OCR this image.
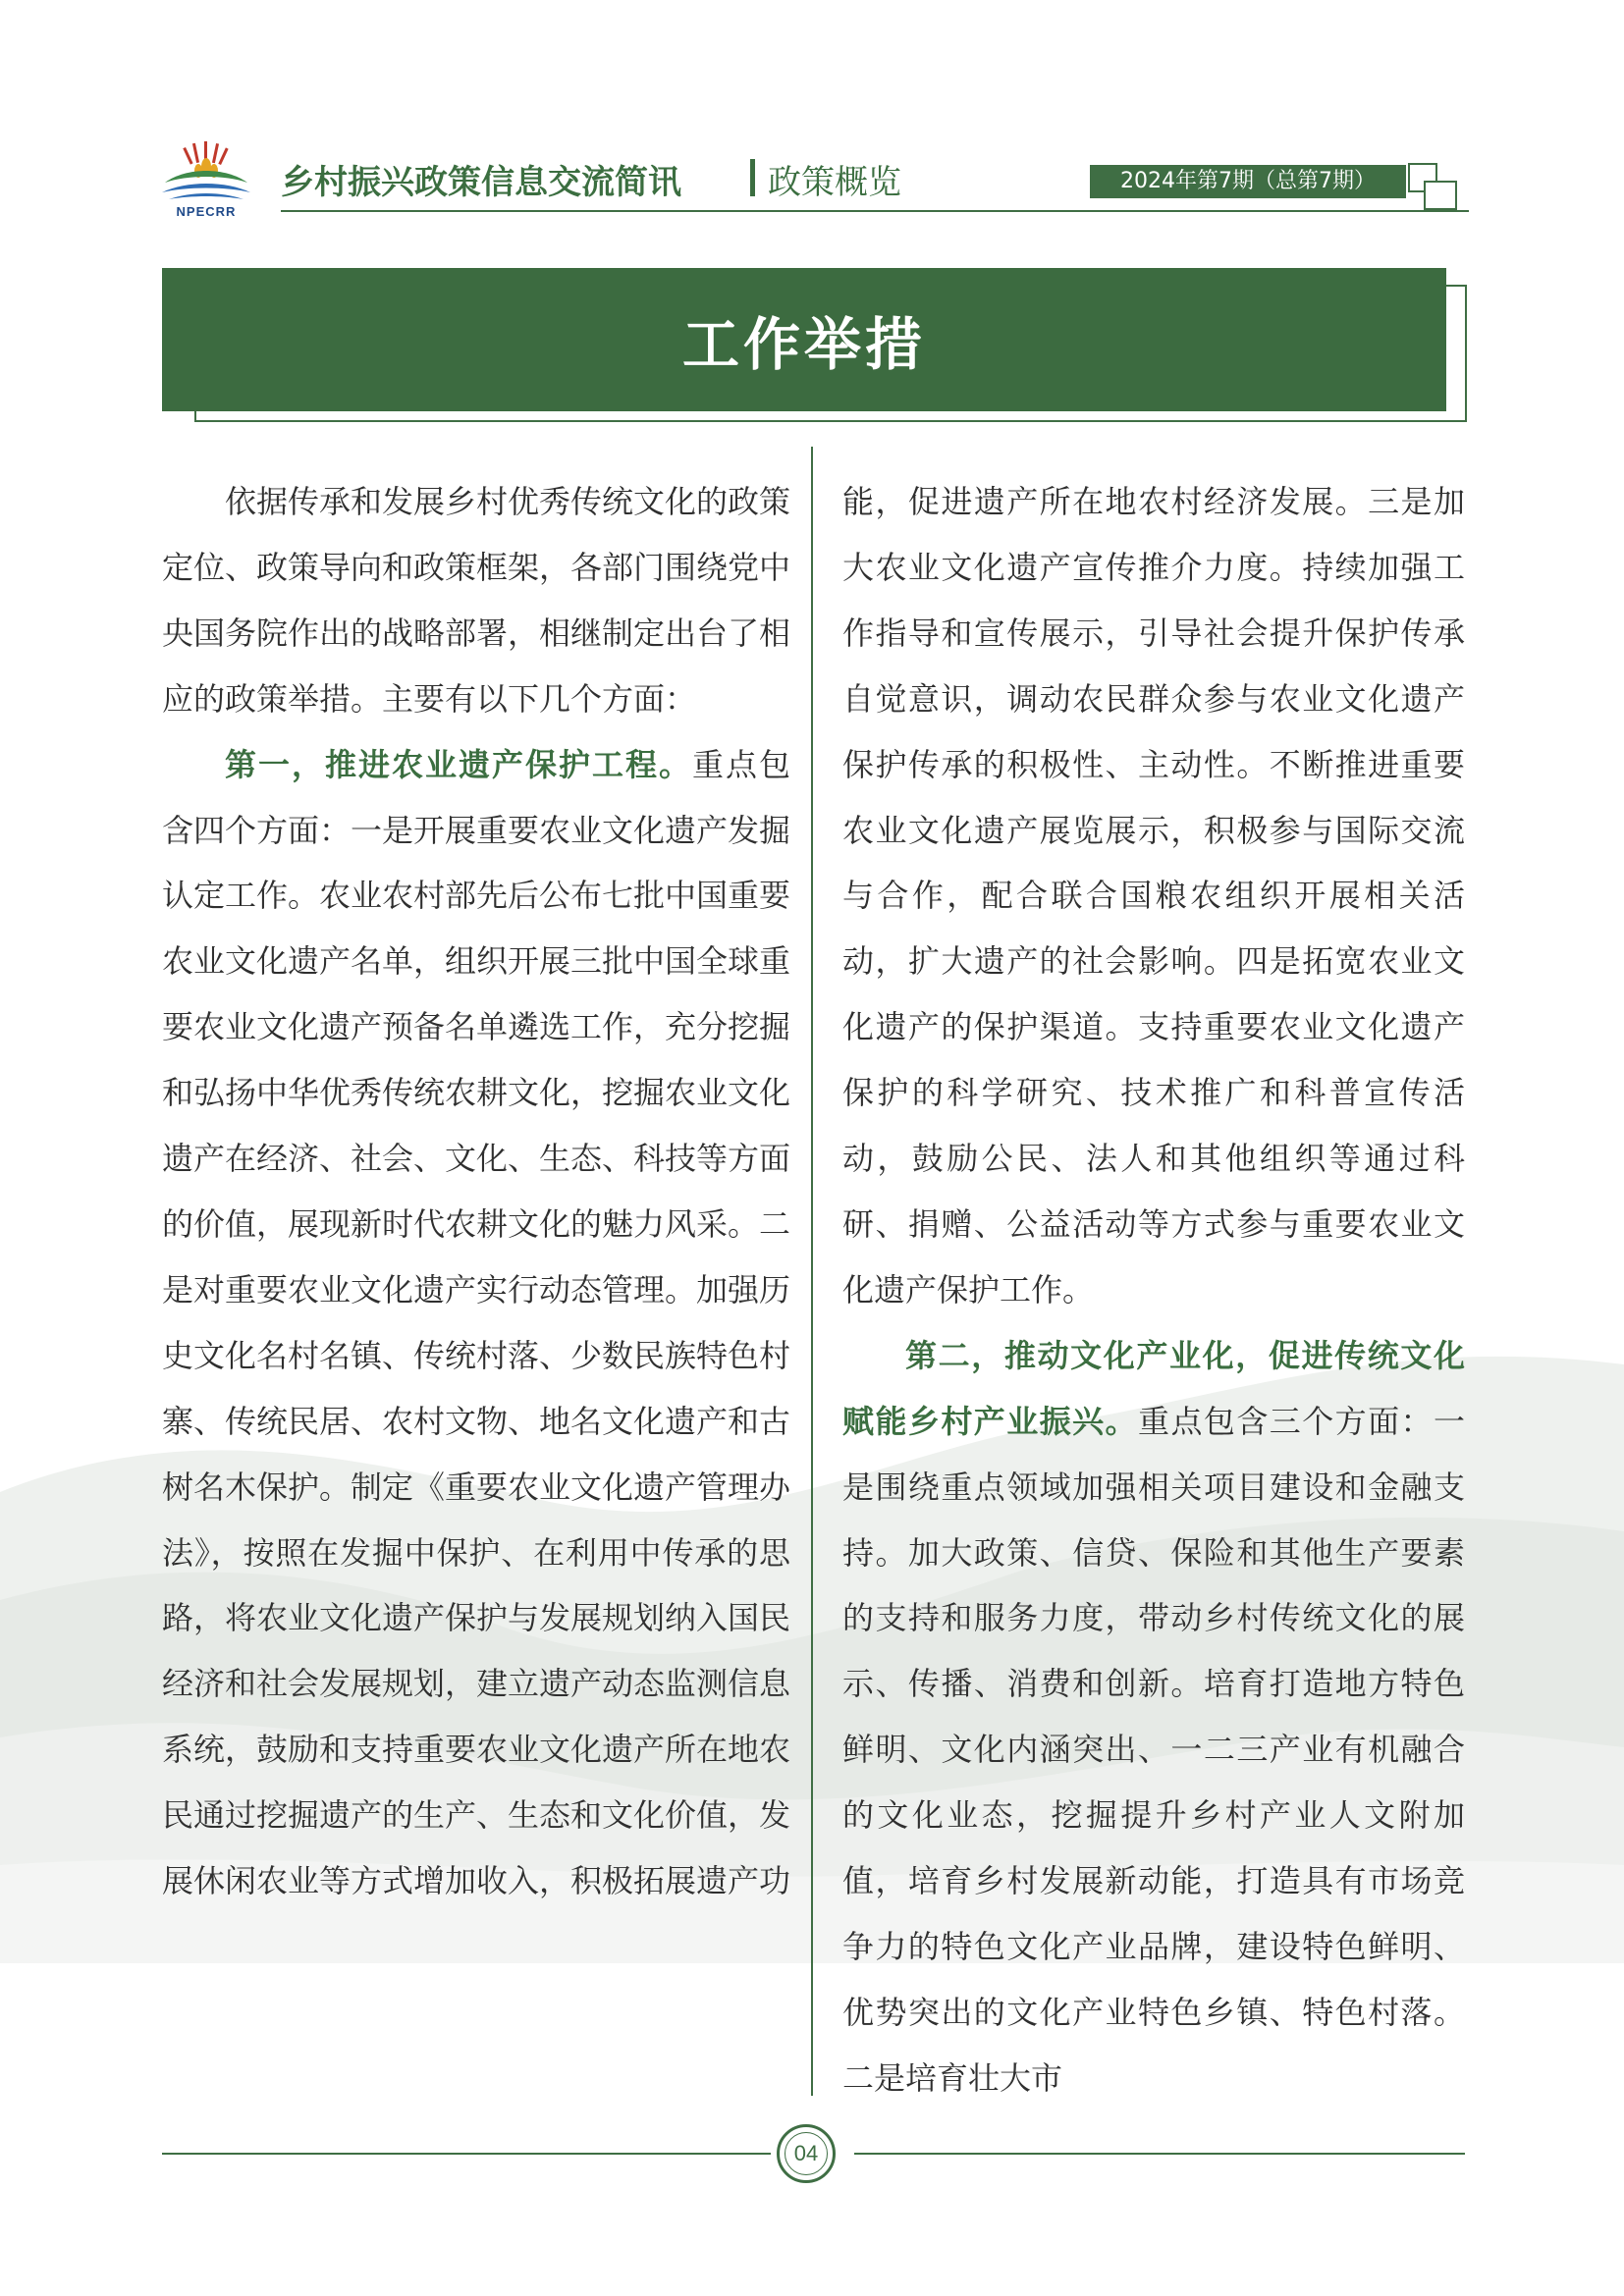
NPECRR
乡村振兴政策信息交流简讯	政策概览	2024年第7期（总第7期）
工作举措

依据传承和发展乡村优秀传统文化的政策定位、政策导向和政策框架，各部门围绕党中央国务院作出的战略部署，相继制定出台了相应的政策举措。主要有以下几个方面：

第一，推进农业遗产保护工程。重点包含四个方面：一是开展重要农业文化遗产发掘认定工作。农业农村部先后公布七批中国重要农业文化遗产名单，组织开展三批中国全球重要农业文化遗产预备名单遴选工作，充分挖掘和弘扬中华优秀传统农耕文化，挖掘农业文化遗产在经济、社会、文化、生态、科技等方面的价值，展现新时代农耕文化的魅力风采。二是对重要农业文化遗产实行动态管理。加强历史文化名村名镇、传统村落、少数民族特色村寨、传统民居、农村文物、地名文化遗产和古树名木保护。制定《重要农业文化遗产管理办法》，按照在发掘中保护、在利用中传承的思路，将农业文化遗产保护与发展规划纳入国民经济和社会发展规划，建立遗产动态监测信息系统，鼓励和支持重要农业文化遗产所在地农民通过挖掘遗产的生产、生态和文化价值，发展休闲农业等方式增加收入，积极拓展遗产功

能，促进遗产所在地农村经济发展。三是加大农业文化遗产宣传推介力度。持续加强工作指导和宣传展示，引导社会提升保护传承自觉意识，调动农民群众参与农业文化遗产保护传承的积极性、主动性。不断推进重要农业文化遗产展览展示，积极参与国际交流与合作，配合联合国粮农组织开展相关活动，扩大遗产的社会影响。四是拓宽农业文化遗产的保护渠道。支持重要农业文化遗产保护的科学研究、技术推广和科普宣传活动，鼓励公民、法人和其他组织等通过科研、捐赠、公益活动等方式参与重要农业文化遗产保护工作。

第二，推动文化产业化，促进传统文化赋能乡村产业振兴。重点包含三个方面：一是围绕重点领域加强相关项目建设和金融支持。加大政策、信贷、保险和其他生产要素的支持和服务力度，带动乡村传统文化的展示、传播、消费和创新。培育打造地方特色鲜明、文化内涵突出、一二三产业有机融合的文化业态，挖掘提升乡村产业人文附加值，培育乡村发展新动能，打造具有市场竞争力的特色文化产业品牌，建设特色鲜明、优势突出的文化产业特色乡镇、特色村落。二是培育壮大市

04
